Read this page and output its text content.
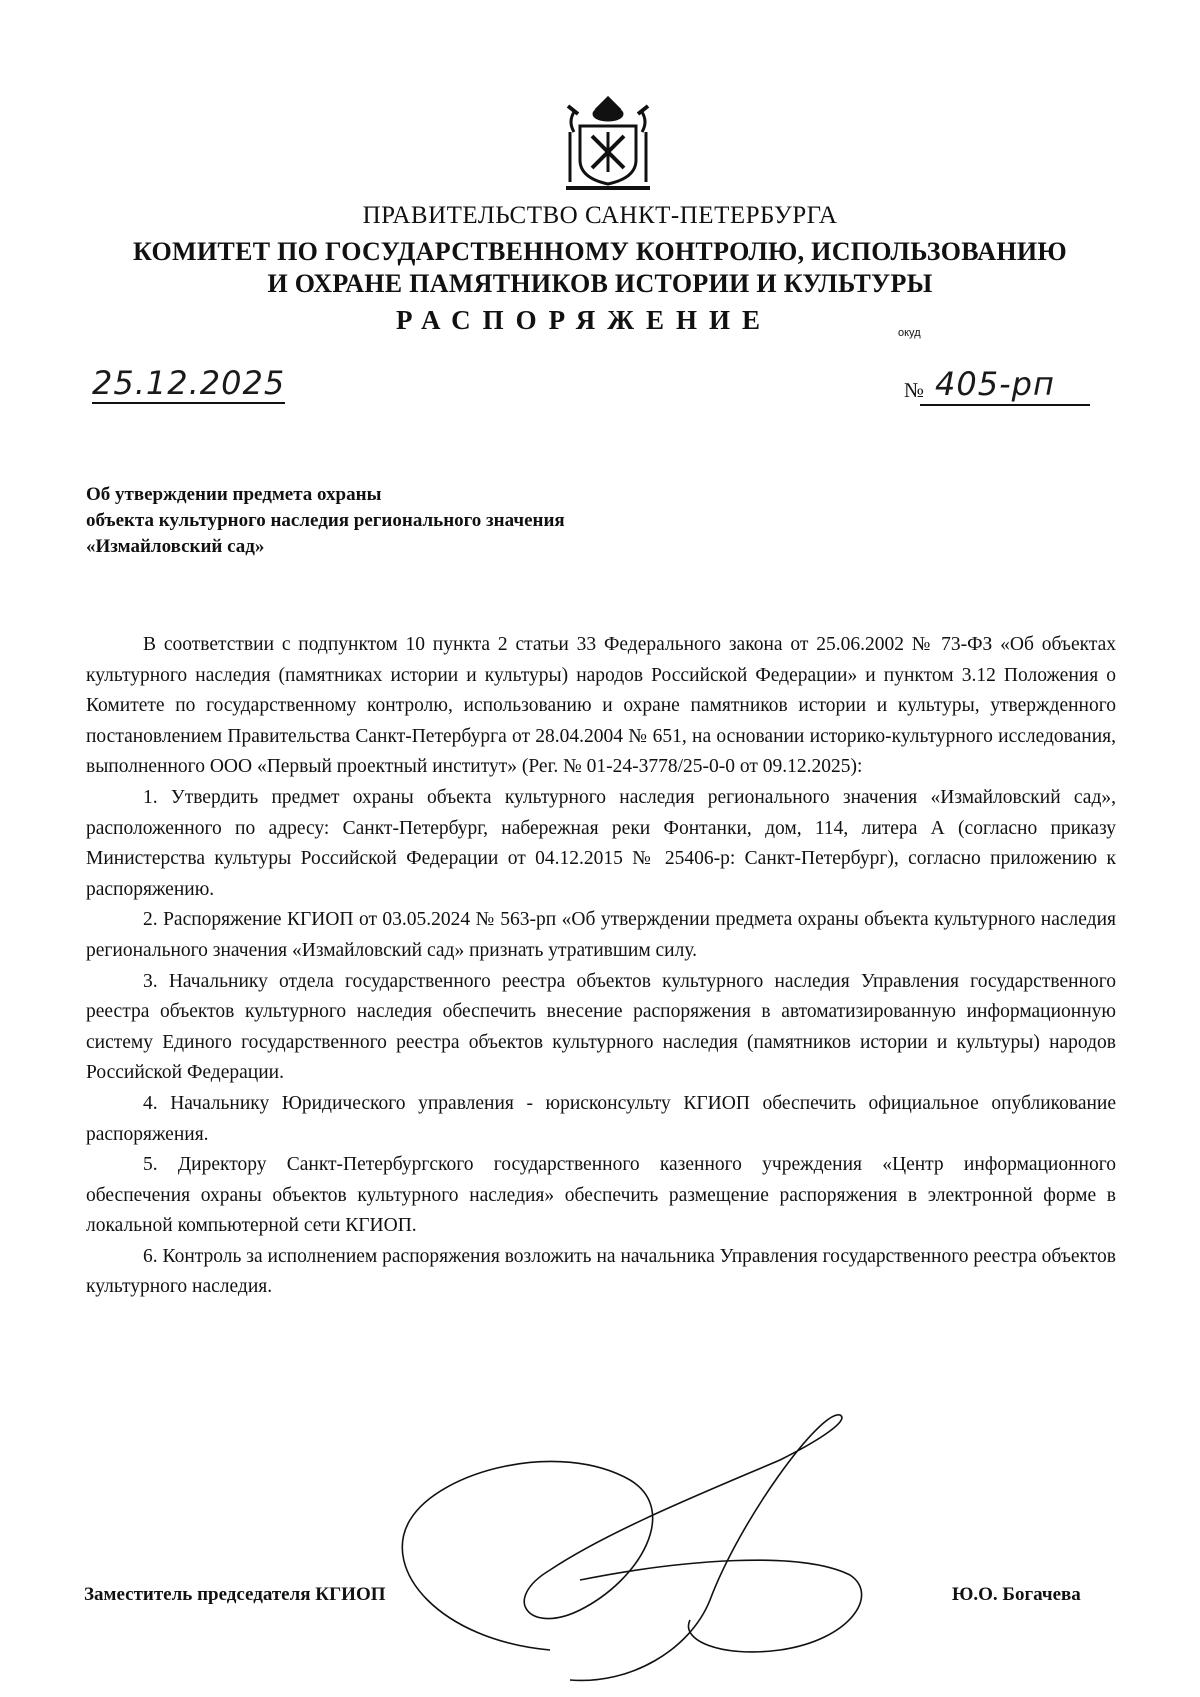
ПРАВИТЕЛЬСТВО САНКТ-ПЕТЕРБУРГА
КОМИТЕТ ПО ГОСУДАРСТВЕННОМУ КОНТРОЛЮ, ИСПОЛЬЗОВАНИЮ
И ОХРАНЕ ПАМЯТНИКОВ ИСТОРИИ И КУЛЬТУРЫ
РАСПОРЯЖЕНИЕ	окуд
25.12.2025	№ 405-рп
Об утверждении предмета охраны
объекта культурного наследия регионального значения
«Измайловский сад»

В соответствии с подпунктом 10 пункта 2 статьи 33 Федерального закона от 25.06.2002 № 73-ФЗ «Об объектах культурного наследия (памятниках истории и культуры) народов Российской Федерации» и пунктом 3.12 Положения о Комитете по государственному контролю, использованию и охране памятников истории и культуры, утвержденного постановлением Правительства Санкт-Петербурга от 28.04.2004 № 651, на основании историко-культурного исследования, выполненного ООО «Первый проектный институт» (Рег. № 01-24-3778/25-0-0 от 09.12.2025):

1. Утвердить предмет охраны объекта культурного наследия регионального значения «Измайловский сад», расположенного по адресу: Санкт-Петербург, набережная реки Фонтанки, дом, 114, литера А (согласно приказу Министерства культуры Российской Федерации от 04.12.2015 № 25406-р: Санкт-Петербург), согласно приложению к распоряжению.

2. Распоряжение КГИОП от 03.05.2024 № 563-рп «Об утверждении предмета охраны объекта культурного наследия регионального значения «Измайловский сад» признать утратившим силу.

3. Начальнику отдела государственного реестра объектов культурного наследия Управления государственного реестра объектов культурного наследия обеспечить внесение распоряжения в автоматизированную информационную систему Единого государственного реестра объектов культурного наследия (памятников истории и культуры) народов Российской Федерации.

4. Начальнику Юридического управления - юрисконсульту КГИОП обеспечить официальное опубликование распоряжения.

5. Директору Санкт-Петербургского государственного казенного учреждения «Центр информационного обеспечения охраны объектов культурного наследия» обеспечить размещение распоряжения в электронной форме в локальной компьютерной сети КГИОП.

6. Контроль за исполнением распоряжения возложить на начальника Управления государственного реестра объектов культурного наследия.

Заместитель председателя КГИОП	Ю.О. Богачева
